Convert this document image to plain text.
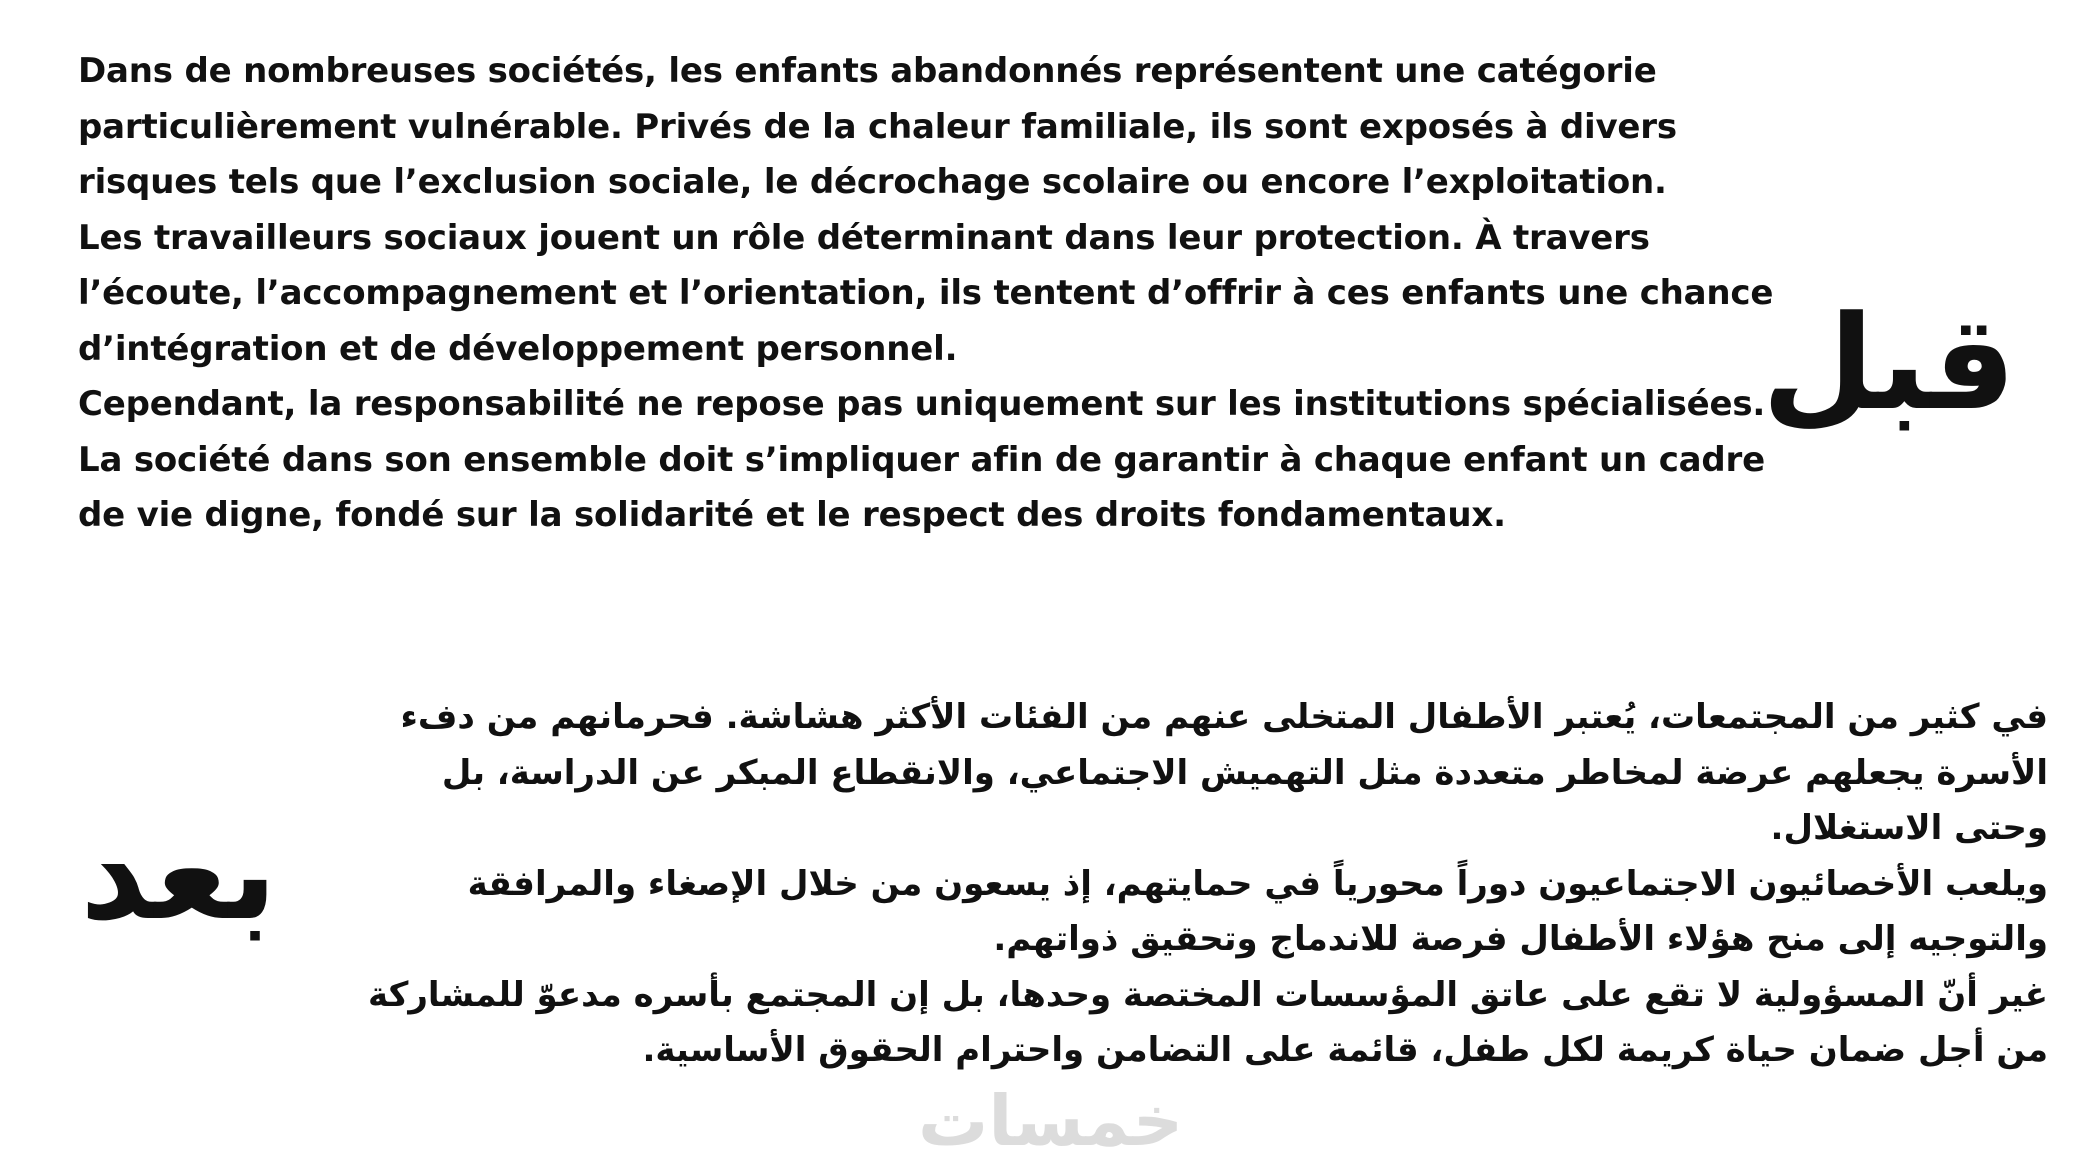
Dans de nombreuses sociétés, les enfants abandonnés représentent une catégorie particulièrement vulnérable. Privés de la chaleur familiale, ils sont exposés à divers risques tels que l’exclusion sociale, le décrochage scolaire ou encore l’exploitation.

Les travailleurs sociaux jouent un rôle déterminant dans leur protection. À travers l’écoute, l’accompagnement et l’orientation, ils tentent d’offrir à ces enfants une chance d’intégration et de développement personnel.

Cependant, la responsabilité ne repose pas uniquement sur les institutions spécialisées. La société dans son ensemble doit s’impliquer afin de garantir à chaque enfant un cadre de vie digne, fondé sur la solidarité et le respect des droits fondamentaux.

قبل
بعد

في كثير من المجتمعات، يُعتبر الأطفال المتخلى عنهم من الفئات الأكثر هشاشة. فحرمانهم من دفء الأسرة يجعلهم عرضة لمخاطر متعددة مثل التهميش الاجتماعي، والانقطاع المبكر عن الدراسة، بل وحتى الاستغلال.

ويلعب الأخصائيون الاجتماعيون دوراً محورياً في حمايتهم، إذ يسعون من خلال الإصغاء والمرافقة والتوجيه إلى منح هؤلاء الأطفال فرصة للاندماج وتحقيق ذواتهم.

غير أنّ المسؤولية لا تقع على عاتق المؤسسات المختصة وحدها، بل إن المجتمع بأسره مدعوّ للمشاركة من أجل ضمان حياة كريمة لكل طفل، قائمة على التضامن واحترام الحقوق الأساسية.

خمسات
